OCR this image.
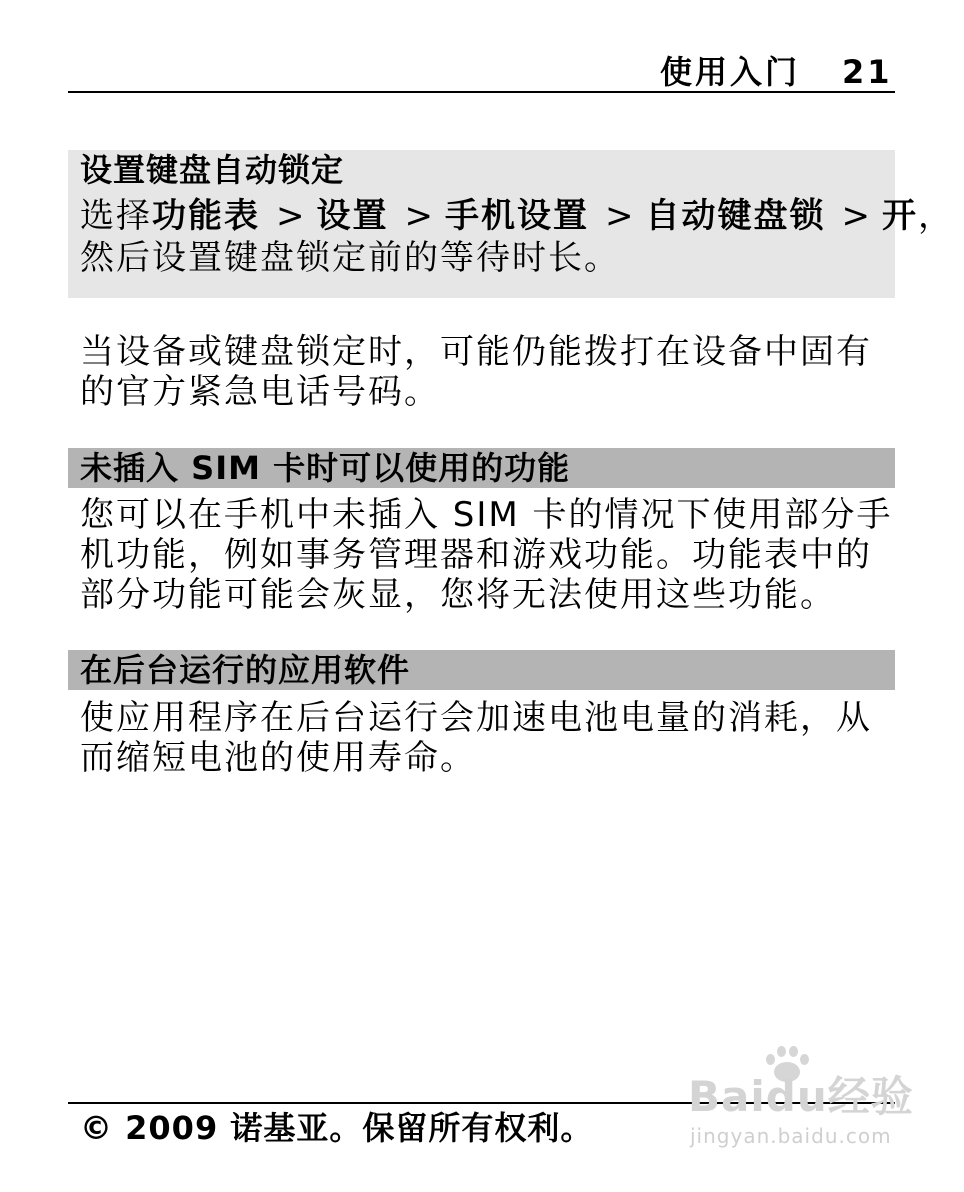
使用入门 21
设置键盘自动锁定
选择功能表 > 设置 > 手机设置 > 自动键盘锁 > 开，
然后设置键盘锁定前的等待时长。
当设备或键盘锁定时，可能仍能拨打在设备中固有
的官方紧急电话号码。
未插入 SIM 卡时可以使用的功能
您可以在手机中未插入 SIM 卡的情况下使用部分手
机功能，例如事务管理器和游戏功能。功能表中的
部分功能可能会灰显，您将无法使用这些功能。
在后台运行的应用软件
使应用程序在后台运行会加速电池电量的消耗，从
而缩短电池的使用寿命。
© 2009 诺基亚。保留所有权利。
Baidu经验
jingyan.baidu.com
